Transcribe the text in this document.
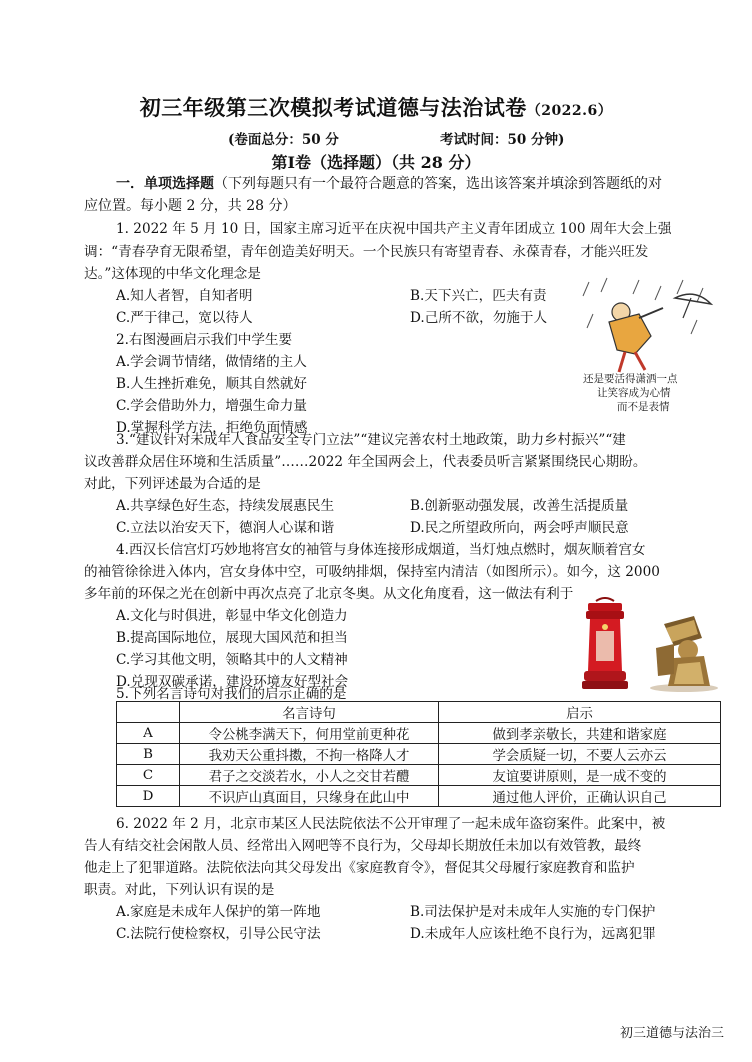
初三年级第三次模拟考试道德与法治试卷（2022.6）
(卷面总分：50 分	考试时间：50 分钟)
第Ⅰ卷（选择题）（共 28 分）
一．单项选择题（下列每题只有一个最符合题意的答案，选出该答案并填涂到答题纸的对
应位置。每小题 2 分，共 28 分）
1. 2022 年 5 月 10 日，国家主席习近平在庆祝中国共产主义青年团成立 100 周年大会上强
调：“青春孕育无限希望，青年创造美好明天。一个民族只有寄望青春、永葆青春，才能兴旺发
达。”这体现的中华文化理念是
A.知人者智，自知者明	B.天下兴亡，匹夫有责
C.严于律己，宽以待人	D.己所不欲，勿施于人
2.右图漫画启示我们中学生要
A.学会调节情绪，做情绪的主人
B.人生挫折难免，顺其自然就好
C.学会借助外力，增强生命力量
D.掌握科学方法，拒绝负面情感
还是要活得潇洒一点
让笑容成为心情
而不是表情
3.“建议针对未成年人食品安全专门立法”“建议完善农村土地政策，助力乡村振兴”“建
议改善群众居住环境和生活质量”……2022 年全国两会上，代表委员听言紧紧围绕民心期盼。
对此，下列评述最为合适的是
A.共享绿色好生态，持续发展惠民生	B.创新驱动强发展，改善生活提质量
C.立法以治安天下，德润人心谋和谐	D.民之所望政所向，两会呼声顺民意
4.西汉长信宫灯巧妙地将宫女的袖管与身体连接形成烟道，当灯烛点燃时，烟灰顺着宫女
的袖管徐徐进入体内，宫女身体中空，可吸纳排烟，保持室内清洁（如图所示）。如今，这 2000
多年前的环保之光在创新中再次点亮了北京冬奥。从文化角度看，这一做法有利于
A.文化与时俱进，彰显中华文化创造力
B.提高国际地位，展现大国风范和担当
C.学习其他文明，领略其中的人文精神
D.兑现双碳承诺，建设环境友好型社会
5.下列名言诗句对我们的启示正确的是
	名言诗句	启示
A	令公桃李满天下，何用堂前更种花	做到孝亲敬长，共建和谐家庭
B	我劝天公重抖擞，不拘一格降人才	学会质疑一切，不要人云亦云
C	君子之交淡若水，小人之交甘若醴	友谊要讲原则，是一成不变的
D	不识庐山真面目，只缘身在此山中	通过他人评价，正确认识自己
6. 2022 年 2 月，北京市某区人民法院依法不公开审理了一起未成年盗窃案件。此案中，被
告人有结交社会闲散人员、经常出入网吧等不良行为，父母却长期放任未加以有效管教，最终
他走上了犯罪道路。法院依法向其父母发出《家庭教育令》，督促其父母履行家庭教育和监护
职责。对此，下列认识有误的是
A.家庭是未成年人保护的第一阵地	B.司法保护是对未成年人实施的专门保护
C.法院行使检察权，引导公民守法	D.未成年人应该杜绝不良行为，远离犯罪
初三道德与法治三
